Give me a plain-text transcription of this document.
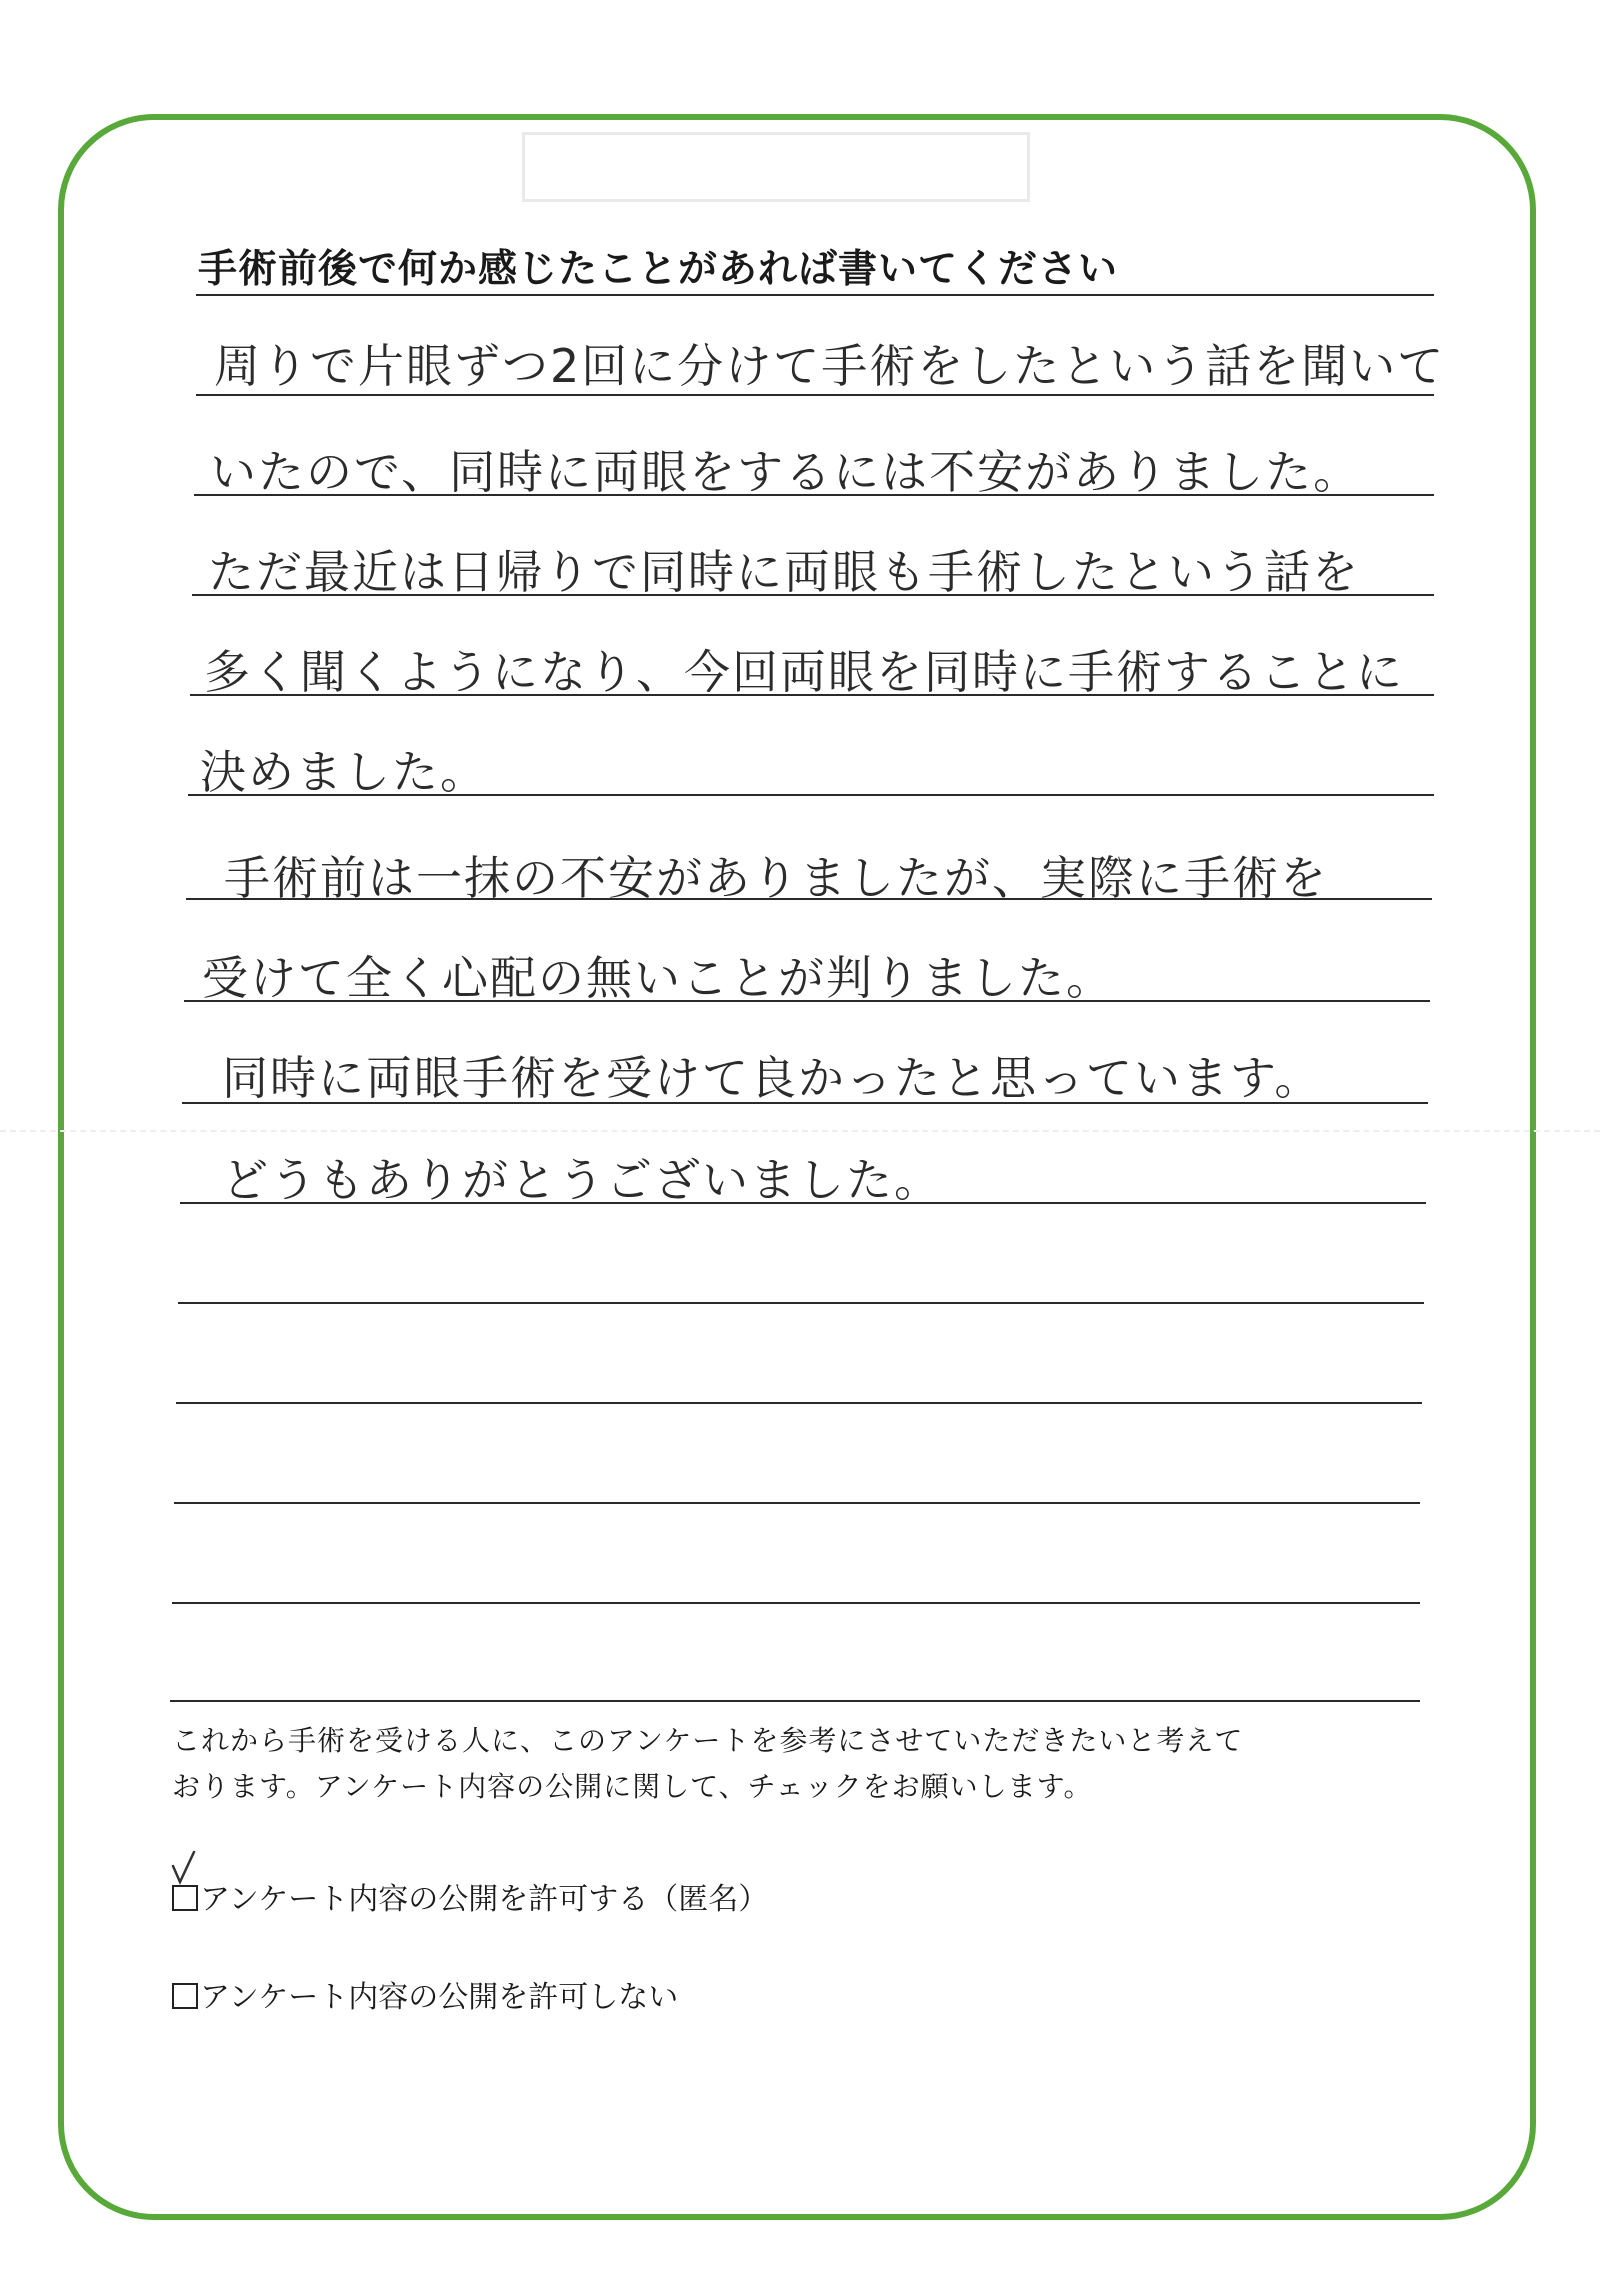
手術前後で何か感じたことがあれば書いてください
周りで片眼ずつ2回に分けて手術をしたという話を聞いて
いたので、同時に両眼をするには不安がありました。
ただ最近は日帰りで同時に両眼も手術したという話を
多く聞くようになり、今回両眼を同時に手術することに
決めました。
手術前は一抹の不安がありましたが、実際に手術を
受けて全く心配の無いことが判りました。
同時に両眼手術を受けて良かったと思っています。
どうもありがとうございました。
これから手術を受ける人に、このアンケートを参考にさせていただきたいと考えて
おります。アンケート内容の公開に関して、チェックをお願いします。
アンケート内容の公開を許可する（匿名）
アンケート内容の公開を許可しない
